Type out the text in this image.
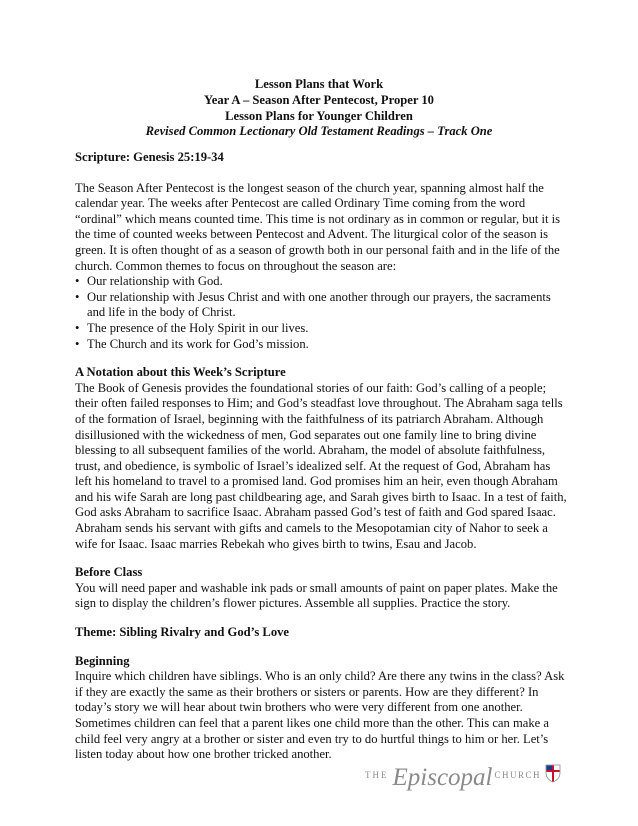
Lesson Plans that Work
Year A – Season After Pentecost, Proper 10
Lesson Plans for Younger Children
Revised Common Lectionary Old Testament Readings – Track One

Scripture: Genesis 25:19-34

The Season After Pentecost is the longest season of the church year, spanning almost half the calendar year. The weeks after Pentecost are called Ordinary Time coming from the word “ordinal” which means counted time. This time is not ordinary as in common or regular, but it is the time of counted weeks between Pentecost and Advent. The liturgical color of the season is green. It is often thought of as a season of growth both in our personal faith and in the life of the church. Common themes to focus on throughout the season are:

• Our relationship with God.
• Our relationship with Jesus Christ and with one another through our prayers, the sacraments and life in the body of Christ.
• The presence of the Holy Spirit in our lives.
• The Church and its work for God’s mission.

A Notation about this Week’s Scripture

The Book of Genesis provides the foundational stories of our faith: God’s calling of a people; their often failed responses to Him; and God’s steadfast love throughout. The Abraham saga tells of the formation of Israel, beginning with the faithfulness of its patriarch Abraham. Although disillusioned with the wickedness of men, God separates out one family line to bring divine blessing to all subsequent families of the world. Abraham, the model of absolute faithfulness, trust, and obedience, is symbolic of Israel’s idealized self. At the request of God, Abraham has left his homeland to travel to a promised land. God promises him an heir, even though Abraham and his wife Sarah are long past childbearing age, and Sarah gives birth to Isaac. In a test of faith, God asks Abraham to sacrifice Isaac. Abraham passed God’s test of faith and God spared Isaac. Abraham sends his servant with gifts and camels to the Mesopotamian city of Nahor to seek a wife for Isaac. Isaac marries Rebekah who gives birth to twins, Esau and Jacob.

Before Class

You will need paper and washable ink pads or small amounts of paint on paper plates. Make the sign to display the children’s flower pictures. Assemble all supplies. Practice the story.

Theme: Sibling Rivalry and God’s Love

Beginning

Inquire which children have siblings. Who is an only child? Are there any twins in the class? Ask if they are exactly the same as their brothers or sisters or parents. How are they different? In today’s story we will hear about twin brothers who were very different from one another. Sometimes children can feel that a parent likes one child more than the other. This can make a child feel very angry at a brother or sister and even try to do hurtful things to him or her. Let’s listen today about how one brother tricked another.

THE Episcopal CHURCH
